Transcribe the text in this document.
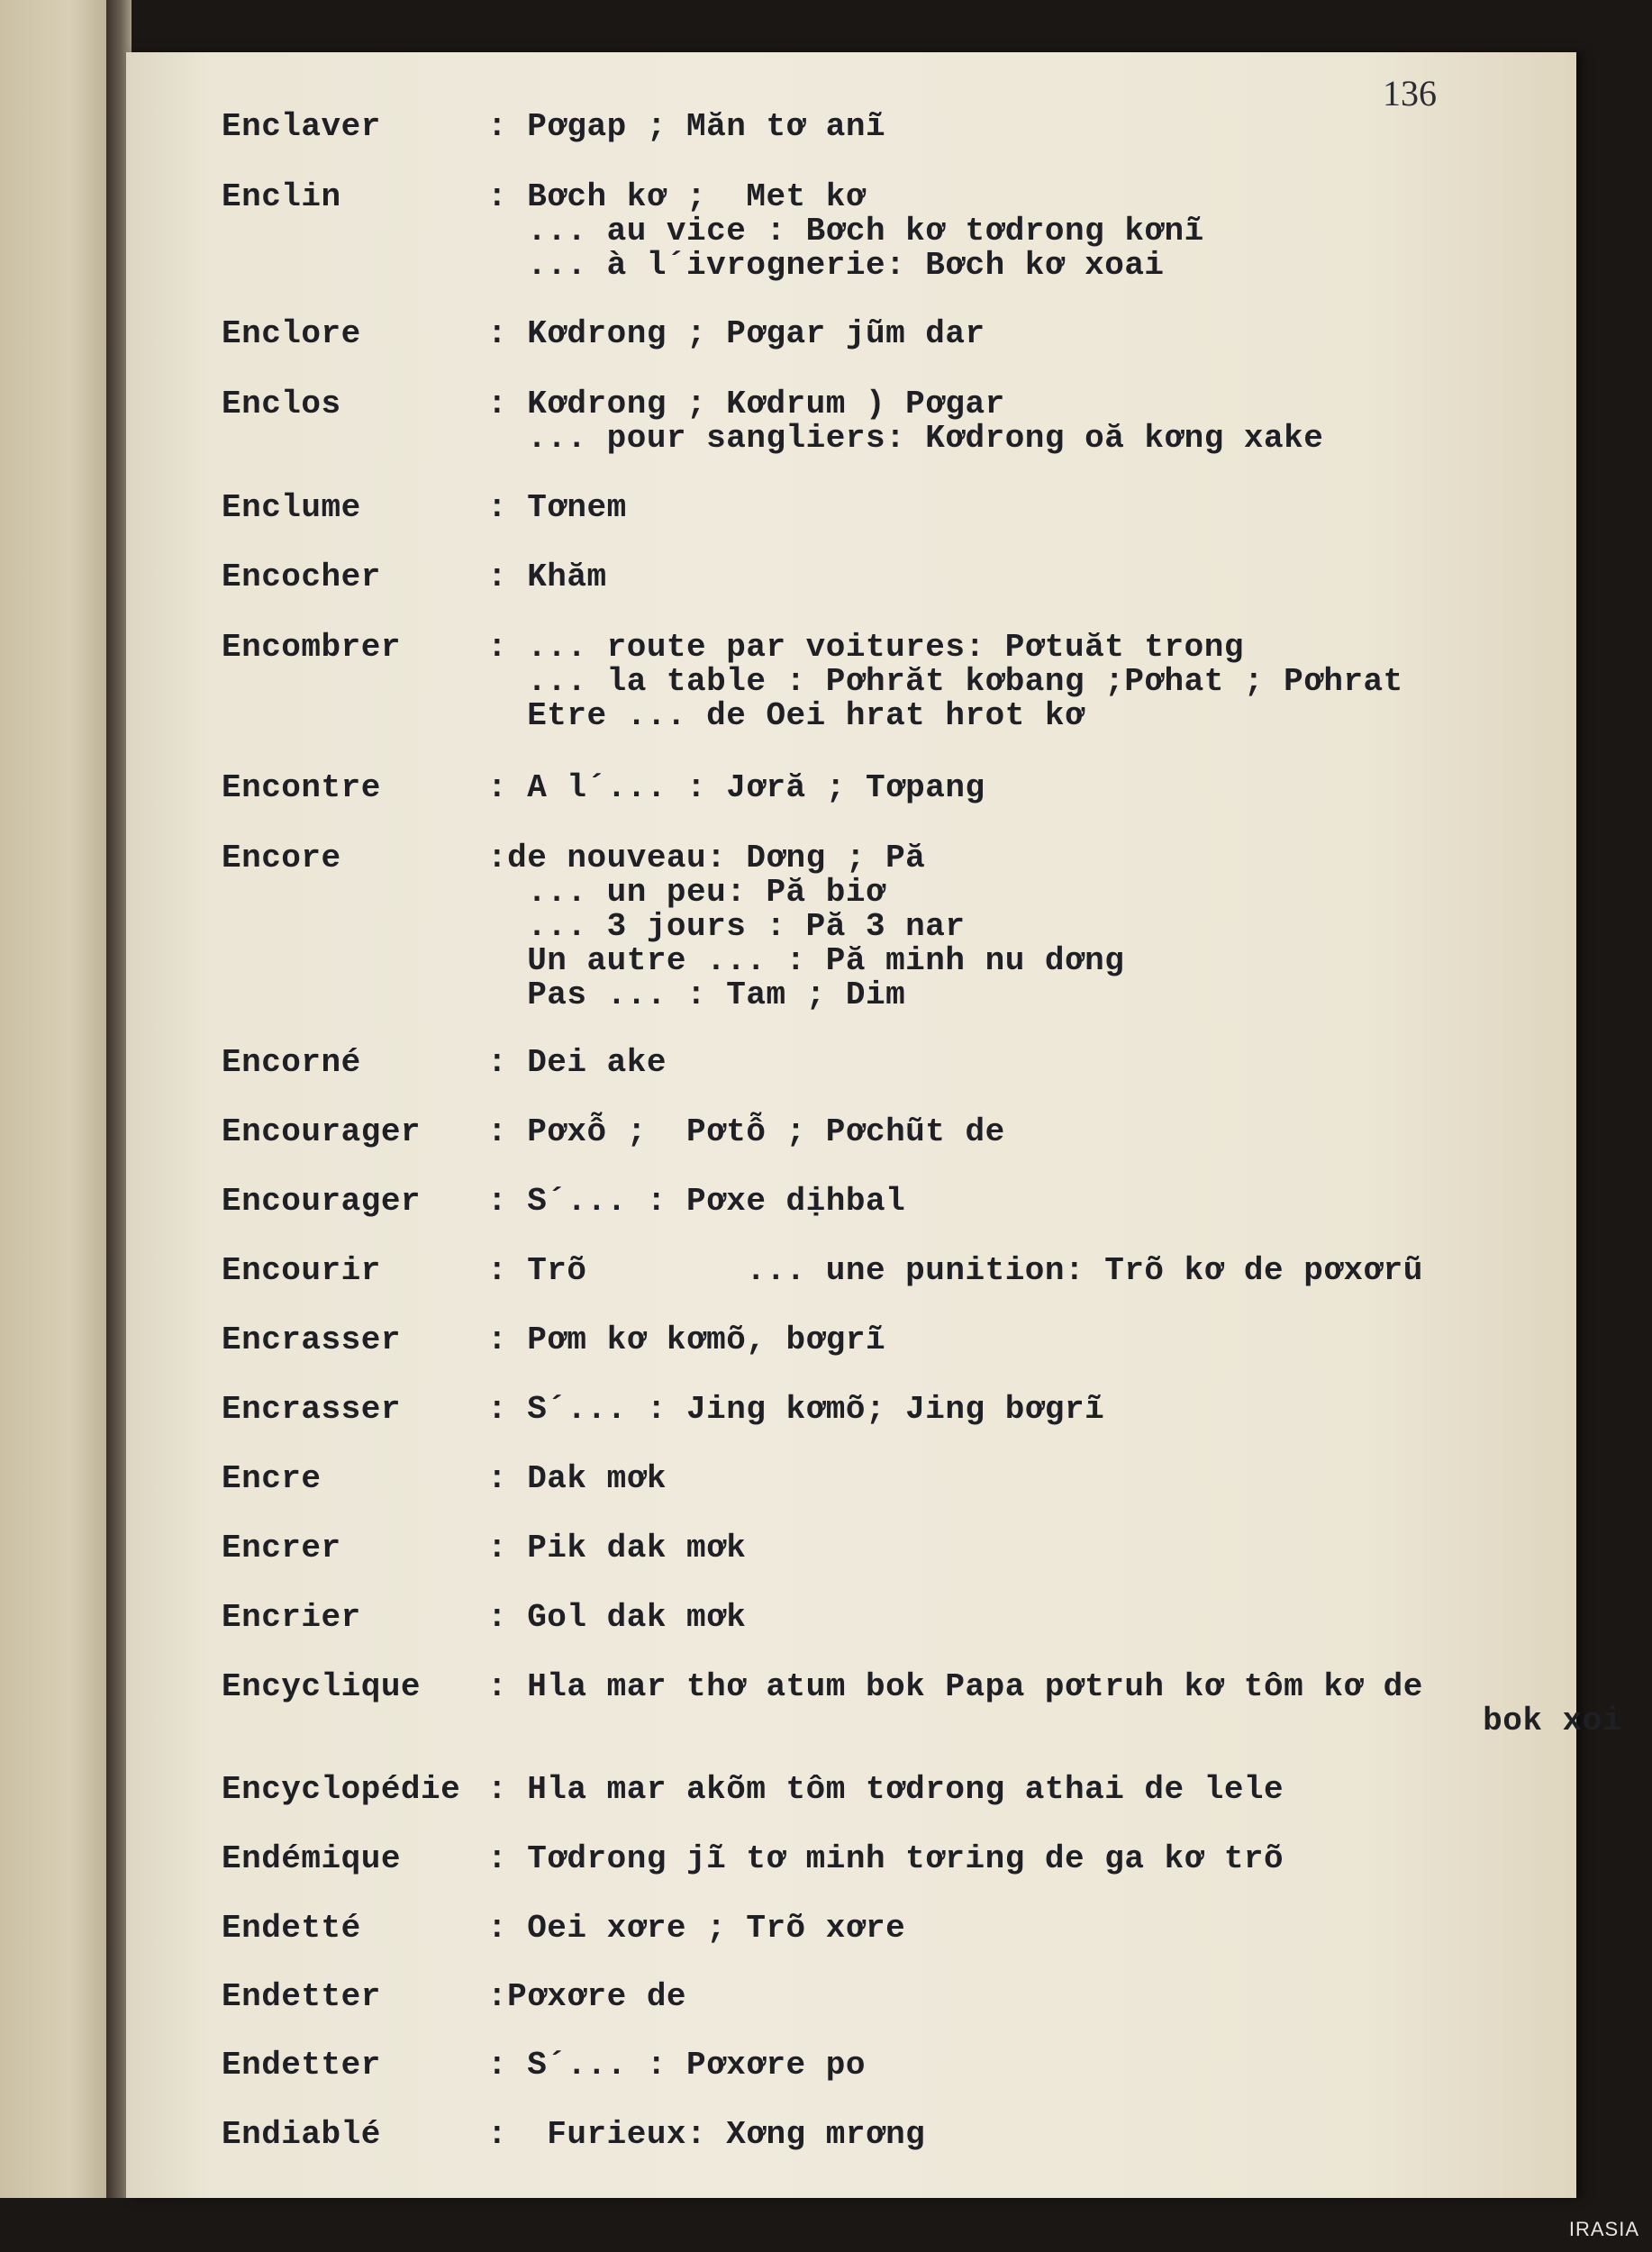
136
Enclaver	: Pơgap ; Măn tơ anĩ
Enclin	: Bơch kơ ;  Met kơ
... au vice : Bơch kơ tơdrong kơnĩ
... à l´ivrognerie: Bơch kơ xoai
Enclore	: Kơdrong ; Pơgar jũm dar
Enclos	: Kơdrong ; Kơdrum ) Pơgar
... pour sangliers: Kơdrong oă kơng xake
Enclume	: Tơnem
Encocher	: Khăm
Encombrer	: ... route par voitures: Pơtuăt trong
... la table : Pơhrăt kơbang ;Pơhat ; Pơhrat
Etre ... de Oei hrat hrot kơ
Encontre	: A l´... : Jơră ; Tơpang
Encore	:de nouveau: Dơng ; Pă
... un peu: Pă biơ
... 3 jours : Pă 3 nar
Un autre ... : Pă minh nu dơng
Pas ... : Tam ; Dim
Encorné	: Dei ake
Encourager : Pơxỗ ;  Pơtỗ ; Pơchũt de
Encourager : S´... : Pơxe dịhbal
Encourir	: Trõ        ... une punition: Trõ kơ de pơxơrũ
Encrasser	: Pơm kơ kơmõ, bơgrĩ
Encrasser	: S´... : Jing kơmõ; Jing bơgrĩ
Encre	: Dak mơk
Encrer	: Pik dak mơk
Encrier	: Gol dak mơk
Encyclique : Hla mar thơ atum bok Papa pơtruh kơ tôm kơ de
bok xoi
Encyclopédie : Hla mar akõm tôm tơdrong athai de lele
Endémique	: Tơdrong jĩ tơ minh tơring de ga kơ trõ
Endetté	: Oei xơre ; Trõ xơre
Endetter	:Pơxơre de
Endetter	: S´... : Pơxơre po
Endiablé	:  Furieux: Xơng mrơng
IRASIA
